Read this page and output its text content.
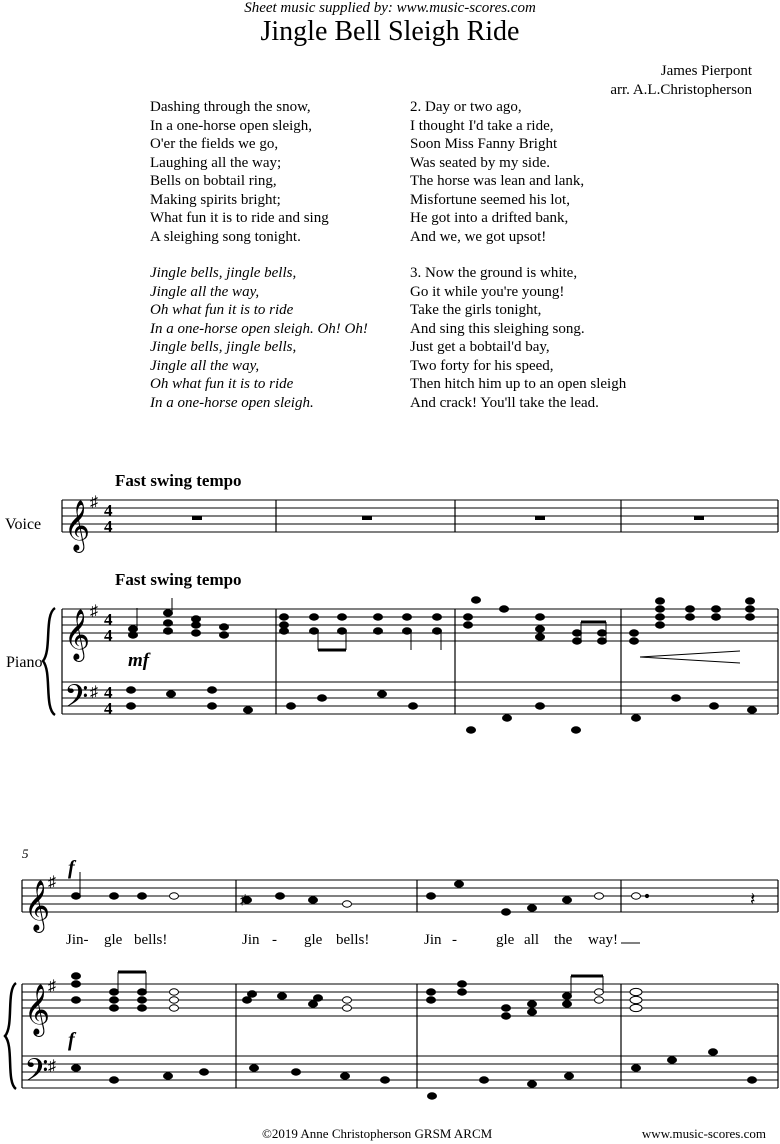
Sheet music supplied by: www.music-scores.com
Jingle Bell Sleigh Ride
James Pierpont
arr. A.L.Christopherson
Dashing through the snow,
In a one-horse open sleigh,
O'er the fields we go,
Laughing all the way;
Bells on bobtail ring,
Making spirits bright;
What fun it is to ride and sing
A sleighing song tonight.
Jingle bells, jingle bells,
Jingle all the way,
Oh what fun it is to ride
In a one-horse open sleigh. Oh! Oh!
Jingle bells, jingle bells,
Jingle all the way,
Oh what fun it is to ride
In a one-horse open sleigh.
2. Day or two ago,
I thought I'd take a ride,
Soon Miss Fanny Bright
Was seated by my side.
The horse was lean and lank,
Misfortune seemed his lot,
He got into a drifted bank,
And we, we got upsot!
3. Now the ground is white,
Go it while you're young!
Take the girls tonight,
And sing this sleighing song.
Just get a bobtail'd bay,
Two forty for his speed,
Then hitch him up to an open sleigh
And crack! You'll take the lead.
Fast swing tempo
Fast swing tempo
Voice
Piano
𝄞
𝄞
𝄢
♯
♯
♯
4
4
4
4
4
4
mf
5
f
f
𝄞
𝄞
𝄢
♯
♯
♯
♯	𝄽
Jin- gle bells!	Jin - gle bells!	Jin -	gle all the way!
©2019 Anne Christopherson GRSM ARCM	www.music-scores.com
